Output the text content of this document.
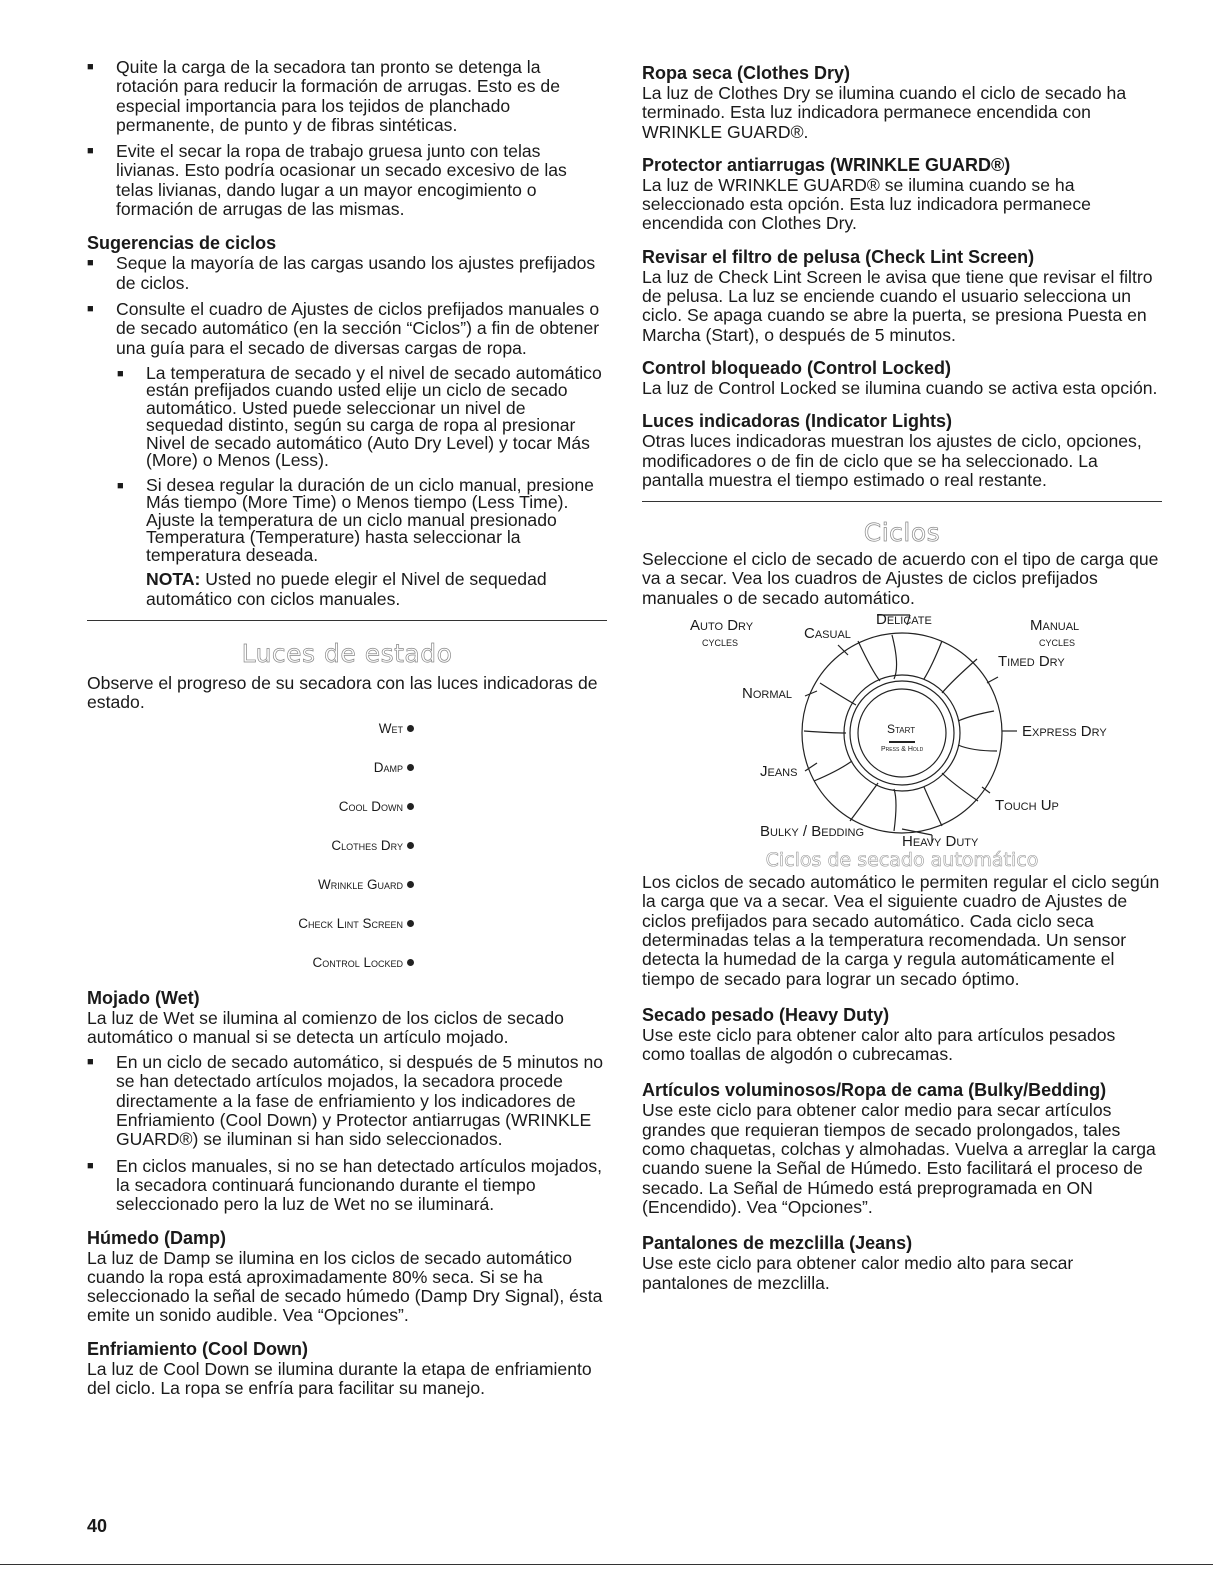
■ Quite la carga de la secadora tan pronto se detenga la rotación para reducir la formación de arrugas. Esto es de especial importancia para los tejidos de planchado permanente, de punto y de fibras sintéticas.

■ Evite el secar la ropa de trabajo gruesa junto con telas livianas. Esto podría ocasionar un secado excesivo de las telas livianas, dando lugar a un mayor encogimiento o formación de arrugas de las mismas.

Sugerencias de ciclos

■ Seque la mayoría de las cargas usando los ajustes prefijados de ciclos.

■ Consulte el cuadro de Ajustes de ciclos prefijados manuales o de secado automático (en la sección “Ciclos”) a fin de obtener una guía para el secado de diversas cargas de ropa.

■ La temperatura de secado y el nivel de secado automático están prefijados cuando usted elije un ciclo de secado automático. Usted puede seleccionar un nivel de sequedad distinto, según su carga de ropa al presionar Nivel de secado automático (Auto Dry Level) y tocar Más (More) o Menos (Less).

■ Si desea regular la duración de un ciclo manual, presione Más tiempo (More Time) o Menos tiempo (Less Time). Ajuste la temperatura de un ciclo manual presionado Temperatura (Temperature) hasta seleccionar la temperatura deseada.

NOTA: Usted no puede elegir el Nivel de sequedad automático con ciclos manuales.

Luces de estado

Observe el progreso de su secadora con las luces indicadoras de estado.

Wet
Damp
Cool Down
Clothes Dry
Wrinkle Guard
Check Lint Screen
Control Locked

Mojado (Wet)

La luz de Wet se ilumina al comienzo de los ciclos de secado automático o manual si se detecta un artículo mojado.

■ En un ciclo de secado automático, si después de 5 minutos no se han detectado artículos mojados, la secadora procede directamente a la fase de enfriamiento y los indicadores de Enfriamiento (Cool Down) y Protector antiarrugas (WRINKLE GUARD®) se iluminan si han sido seleccionados.

■ En ciclos manuales, si no se han detectado artículos mojados, la secadora continuará funcionando durante el tiempo seleccionado pero la luz de Wet no se iluminará.

Húmedo (Damp)

La luz de Damp se ilumina en los ciclos de secado automático cuando la ropa está aproximadamente 80% seca. Si se ha seleccionado la señal de secado húmedo (Damp Dry Signal), ésta emite un sonido audible. Vea “Opciones”.

Enfriamiento (Cool Down)

La luz de Cool Down se ilumina durante la etapa de enfriamiento del ciclo. La ropa se enfría para facilitar su manejo.

Ropa seca (Clothes Dry)

La luz de Clothes Dry se ilumina cuando el ciclo de secado ha terminado. Esta luz indicadora permanece encendida con WRINKLE GUARD®.

Protector antiarrugas (WRINKLE GUARD®)

La luz de WRINKLE GUARD® se ilumina cuando se ha seleccionado esta opción. Esta luz indicadora permanece encendida con Clothes Dry.

Revisar el filtro de pelusa (Check Lint Screen)

La luz de Check Lint Screen le avisa que tiene que revisar el filtro de pelusa. La luz se enciende cuando el usuario selecciona un ciclo. Se apaga cuando se abre la puerta, se presiona Puesta en Marcha (Start), o después de 5 minutos.

Control bloqueado (Control Locked)

La luz de Control Locked se ilumina cuando se activa esta opción.

Luces indicadoras (Indicator Lights)

Otras luces indicadoras muestran los ajustes de ciclo, opciones, modificadores o de fin de ciclo que se ha seleccionado. La pantalla muestra el tiempo estimado o real restante.

Ciclos

Seleccione el ciclo de secado de acuerdo con el tipo de carga que va a secar. Vea los cuadros de Ajustes de ciclos prefijados manuales o de secado automático.

Auto Dry
cycles	Casual
Delicate	Manual
cycles
Timed Dry
Normal
Express Dry
Start
Press & Hold
Jeans
Touch Up
Bulky / Bedding
Heavy Duty
Ciclos de secado automático

Los ciclos de secado automático le permiten regular el ciclo según la carga que va a secar. Vea el siguiente cuadro de Ajustes de ciclos prefijados para secado automático. Cada ciclo seca determinadas telas a la temperatura recomendada. Un sensor detecta la humedad de la carga y regula automáticamente el tiempo de secado para lograr un secado óptimo.

Secado pesado (Heavy Duty)

Use este ciclo para obtener calor alto para artículos pesados como toallas de algodón o cubrecamas.

Artículos voluminosos/Ropa de cama (Bulky/Bedding)

Use este ciclo para obtener calor medio para secar artículos grandes que requieran tiempos de secado prolongados, tales como chaquetas, colchas y almohadas. Vuelva a arreglar la carga cuando suene la Señal de Húmedo. Esto facilitará el proceso de secado. La Señal de Húmedo está preprogramada en ON (Encendido). Vea “Opciones”.

Pantalones de mezclilla (Jeans)

Use este ciclo para obtener calor medio alto para secar pantalones de mezclilla.

40
